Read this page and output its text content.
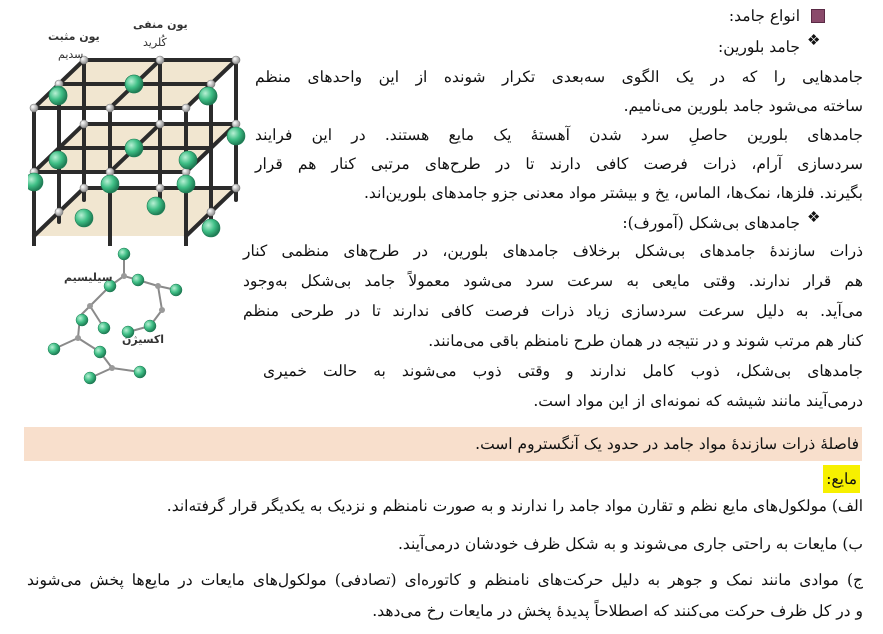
یون مثبت
سدیم
یون منفی
کُلرید
سیلیسیم
اکسیژن
انواع جامد:
❖
جامد بلورین:
جامدهایی را که در یک الگوی سه‌بعدی تکرار شونده از این واحدهای منظم
ساخته می‌شود جامد بلورین می‌نامیم.
جامدهای بلورین حاصلِ سرد شدن آهستهٔ یک مایع هستند. در این فرایند
سردسازی آرام، ذرات فرصت کافی دارند تا در طرح‌های مرتبی کنار هم قرار
بگیرند. فلزها، نمک‌ها، الماس، یخ و بیشتر مواد معدنی جزو جامدهای بلورین‌اند.
❖
جامدهای بی‌شکل (آمورف):
ذرات سازندهٔ جامدهای بی‌شکل برخلاف جامدهای بلورین، در طرح‌های منظمی کنار
هم قرار ندارند. وقتی مایعی به سرعت سرد می‌شود معمولاً جامد بی‌شکل به‌وجود
می‌آید. به دلیل سرعت سردسازی زیاد ذرات فرصت کافی ندارند تا در طرحی منظم
کنار هم مرتب شوند و در نتیجه در همان طرح نامنظم باقی می‌مانند.
جامدهای بی‌شکل، ذوب کامل ندارند و وقتی ذوب می‌شوند به حالت خمیری
درمی‌آیند مانند شیشه که نمونه‌ای از این مواد است.
فاصلهٔ ذرات سازندهٔ مواد جامد در حدود یک آنگستروم است.
مایع:
الف) مولکول‌های مایع نظم و تقارن مواد جامد را ندارند و به صورت نامنظم و نزدیک به یکدیگر قرار گرفته‌اند.
ب) مایعات به راحتی جاری می‌شوند و به شکل ظرف خودشان درمی‌آیند.
ج) موادی مانند نمک و جوهر به دلیل حرکت‌های نامنظم و کاتوره‌ای (تصادفی) مولکول‌های مایعات در مایع‌ها پخش می‌شوند
و در کل ظرف حرکت می‌کنند که اصطلاحاً پدیدهٔ پخش در مایعات رخ می‌دهد.
